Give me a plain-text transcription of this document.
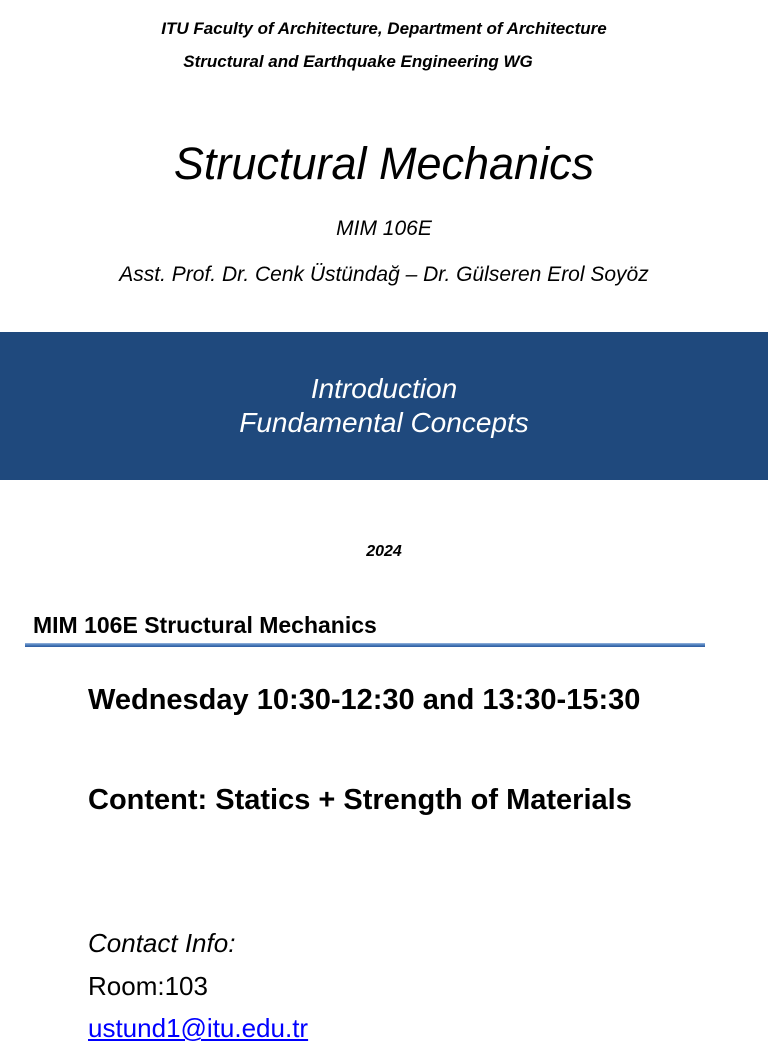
ITU Faculty of Architecture, Department of Architecture
Structural and Earthquake Engineering WG
Structural Mechanics
MIM 106E
Asst. Prof. Dr. Cenk Üstündağ – Dr. Gülseren Erol Soyöz
Introduction
Fundamental Concepts
2024
MIM 106E Structural Mechanics
Wednesday 10:30-12:30 and 13:30-15:30
Content: Statics + Strength of Materials
Contact Info:
Room:103
ustund1@itu.edu.tr
